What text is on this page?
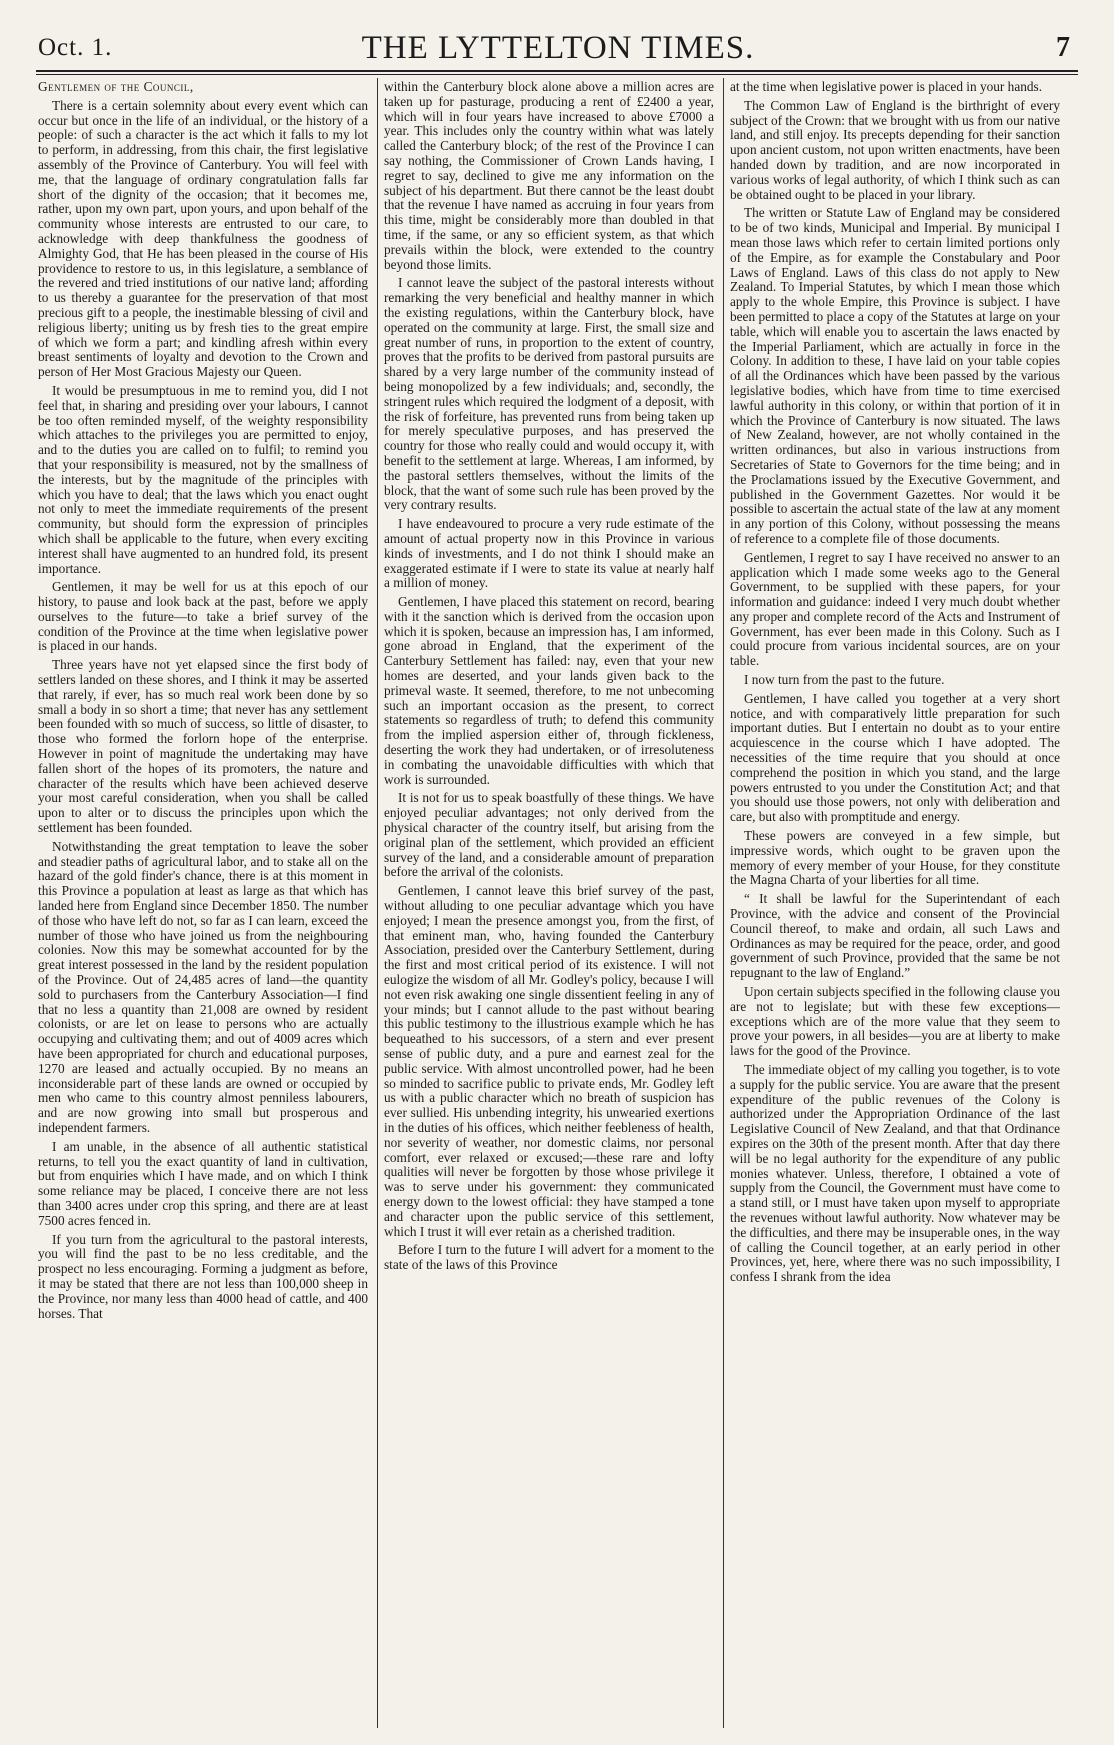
Oct. 1.	THE LYTTELTON TIMES.	7

Gentlemen of the Council,

There is a certain solemnity about every event which can occur but once in the life of an individual, or the history of a people: of such a character is the act which it falls to my lot to perform, in addressing, from this chair, the first legislative assembly of the Province of Canterbury. You will feel with me, that the language of ordinary congratulation falls far short of the dignity of the occasion; that it becomes me, rather, upon my own part, upon yours, and upon behalf of the community whose interests are entrusted to our care, to acknowledge with deep thankfulness the goodness of Almighty God, that He has been pleased in the course of His providence to restore to us, in this legislature, a semblance of the revered and tried institutions of our native land; affording to us thereby a guarantee for the preservation of that most precious gift to a people, the inestimable blessing of civil and religious liberty; uniting us by fresh ties to the great empire of which we form a part; and kindling afresh within every breast sentiments of loyalty and devotion to the Crown and person of Her Most Gracious Majesty our Queen.

It would be presumptuous in me to remind you, did I not feel that, in sharing and presiding over your labours, I cannot be too often reminded myself, of the weighty responsibility which attaches to the privileges you are permitted to enjoy, and to the duties you are called on to fulfil; to remind you that your responsibility is measured, not by the smallness of the interests, but by the magnitude of the principles with which you have to deal; that the laws which you enact ought not only to meet the immediate requirements of the present community, but should form the expression of principles which shall be applicable to the future, when every exciting interest shall have augmented to an hundred fold, its present importance.

Gentlemen, it may be well for us at this epoch of our history, to pause and look back at the past, before we apply ourselves to the future—to take a brief survey of the condition of the Province at the time when legislative power is placed in our hands.

Three years have not yet elapsed since the first body of settlers landed on these shores, and I think it may be asserted that rarely, if ever, has so much real work been done by so small a body in so short a time; that never has any settlement been founded with so much of success, so little of disaster, to those who formed the forlorn hope of the enterprise. However in point of magnitude the undertaking may have fallen short of the hopes of its promoters, the nature and character of the results which have been achieved deserve your most careful consideration, when you shall be called upon to alter or to discuss the principles upon which the settlement has been founded.

Notwithstanding the great temptation to leave the sober and steadier paths of agricultural labor, and to stake all on the hazard of the gold finder's chance, there is at this moment in this Province a population at least as large as that which has landed here from England since December 1850. The number of those who have left do not, so far as I can learn, exceed the number of those who have joined us from the neighbouring colonies. Now this may be somewhat accounted for by the great interest possessed in the land by the resident population of the Province. Out of 24,485 acres of land—the quantity sold to purchasers from the Canterbury Association—I find that no less a quantity than 21,008 are owned by resident colonists, or are let on lease to persons who are actually occupying and cultivating them; and out of 4009 acres which have been appropriated for church and educational purposes, 1270 are leased and actually occupied. By no means an inconsiderable part of these lands are owned or occupied by men who came to this country almost penniless labourers, and are now growing into small but prosperous and independent farmers.

I am unable, in the absence of all authentic statistical returns, to tell you the exact quantity of land in cultivation, but from enquiries which I have made, and on which I think some reliance may be placed, I conceive there are not less than 3400 acres under crop this spring, and there are at least 7500 acres fenced in.

If you turn from the agricultural to the pastoral interests, you will find the past to be no less creditable, and the prospect no less encouraging. Forming a judgment as before, it may be stated that there are not less than 100,000 sheep in the Province, nor many less than 4000 head of cattle, and 400 horses. That

within the Canterbury block alone above a million acres are taken up for pasturage, producing a rent of £2400 a year, which will in four years have increased to above £7000 a year. This includes only the country within what was lately called the Canterbury block; of the rest of the Province I can say nothing, the Commissioner of Crown Lands having, I regret to say, declined to give me any information on the subject of his department. But there cannot be the least doubt that the revenue I have named as accruing in four years from this time, might be considerably more than doubled in that time, if the same, or any so efficient system, as that which prevails within the block, were extended to the country beyond those limits.

I cannot leave the subject of the pastoral interests without remarking the very beneficial and healthy manner in which the existing regulations, within the Canterbury block, have operated on the community at large. First, the small size and great number of runs, in proportion to the extent of country, proves that the profits to be derived from pastoral pursuits are shared by a very large number of the community instead of being monopolized by a few individuals; and, secondly, the stringent rules which required the lodgment of a deposit, with the risk of forfeiture, has prevented runs from being taken up for merely speculative purposes, and has preserved the country for those who really could and would occupy it, with benefit to the settlement at large. Whereas, I am informed, by the pastoral settlers themselves, without the limits of the block, that the want of some such rule has been proved by the very contrary results.

I have endeavoured to procure a very rude estimate of the amount of actual property now in this Province in various kinds of investments, and I do not think I should make an exaggerated estimate if I were to state its value at nearly half a million of money.

Gentlemen, I have placed this statement on record, bearing with it the sanction which is derived from the occasion upon which it is spoken, because an impression has, I am informed, gone abroad in England, that the experiment of the Canterbury Settlement has failed: nay, even that your new homes are deserted, and your lands given back to the primeval waste. It seemed, therefore, to me not unbecoming such an important occasion as the present, to correct statements so regardless of truth; to defend this community from the implied aspersion either of, through fickleness, deserting the work they had undertaken, or of irresoluteness in combating the unavoidable difficulties with which that work is surrounded.

It is not for us to speak boastfully of these things. We have enjoyed peculiar advantages; not only derived from the physical character of the country itself, but arising from the original plan of the settlement, which provided an efficient survey of the land, and a considerable amount of preparation before the arrival of the colonists.

Gentlemen, I cannot leave this brief survey of the past, without alluding to one peculiar advantage which you have enjoyed; I mean the presence amongst you, from the first, of that eminent man, who, having founded the Canterbury Association, presided over the Canterbury Settlement, during the first and most critical period of its existence. I will not eulogize the wisdom of all Mr. Godley's policy, because I will not even risk awaking one single dissentient feeling in any of your minds; but I cannot allude to the past without bearing this public testimony to the illustrious example which he has bequeathed to his successors, of a stern and ever present sense of public duty, and a pure and earnest zeal for the public service. With almost uncontrolled power, had he been so minded to sacrifice public to private ends, Mr. Godley left us with a public character which no breath of suspicion has ever sullied. His unbending integrity, his unwearied exertions in the duties of his offices, which neither feebleness of health, nor severity of weather, nor domestic claims, nor personal comfort, ever relaxed or excused;—these rare and lofty qualities will never be forgotten by those whose privilege it was to serve under his government: they communicated energy down to the lowest official: they have stamped a tone and character upon the public service of this settlement, which I trust it will ever retain as a cherished tradition.

Before I turn to the future I will advert for a moment to the state of the laws of this Province

at the time when legislative power is placed in your hands.

The Common Law of England is the birthright of every subject of the Crown: that we brought with us from our native land, and still enjoy. Its precepts depending for their sanction upon ancient custom, not upon written enactments, have been handed down by tradition, and are now incorporated in various works of legal authority, of which I think such as can be obtained ought to be placed in your library.

The written or Statute Law of England may be considered to be of two kinds, Municipal and Imperial. By municipal I mean those laws which refer to certain limited portions only of the Empire, as for example the Constabulary and Poor Laws of England. Laws of this class do not apply to New Zealand. To Imperial Statutes, by which I mean those which apply to the whole Empire, this Province is subject. I have been permitted to place a copy of the Statutes at large on your table, which will enable you to ascertain the laws enacted by the Imperial Parliament, which are actually in force in the Colony. In addition to these, I have laid on your table copies of all the Ordinances which have been passed by the various legislative bodies, which have from time to time exercised lawful authority in this colony, or within that portion of it in which the Province of Canterbury is now situated. The laws of New Zealand, however, are not wholly contained in the written ordinances, but also in various instructions from Secretaries of State to Governors for the time being; and in the Proclamations issued by the Executive Government, and published in the Government Gazettes. Nor would it be possible to ascertain the actual state of the law at any moment in any portion of this Colony, without possessing the means of reference to a complete file of those documents.

Gentlemen, I regret to say I have received no answer to an application which I made some weeks ago to the General Government, to be supplied with these papers, for your information and guidance: indeed I very much doubt whether any proper and complete record of the Acts and Instrument of Government, has ever been made in this Colony. Such as I could procure from various incidental sources, are on your table.

I now turn from the past to the future.

Gentlemen, I have called you together at a very short notice, and with comparatively little preparation for such important duties. But I entertain no doubt as to your entire acquiescence in the course which I have adopted. The necessities of the time require that you should at once comprehend the position in which you stand, and the large powers entrusted to you under the Constitution Act; and that you should use those powers, not only with deliberation and care, but also with promptitude and energy.

These powers are conveyed in a few simple, but impressive words, which ought to be graven upon the memory of every member of your House, for they constitute the Magna Charta of your liberties for all time.

“ It shall be lawful for the Superintendant of each Province, with the advice and consent of the Provincial Council thereof, to make and ordain, all such Laws and Ordinances as may be required for the peace, order, and good government of such Province, provided that the same be not repugnant to the law of England.”

Upon certain subjects specified in the following clause you are not to legislate; but with these few exceptions—exceptions which are of the more value that they seem to prove your powers, in all besides—you are at liberty to make laws for the good of the Province.

The immediate object of my calling you together, is to vote a supply for the public service. You are aware that the present expenditure of the public revenues of the Colony is authorized under the Appropriation Ordinance of the last Legislative Council of New Zealand, and that that Ordinance expires on the 30th of the present month. After that day there will be no legal authority for the expenditure of any public monies whatever. Unless, therefore, I obtained a vote of supply from the Council, the Government must have come to a stand still, or I must have taken upon myself to appropriate the revenues without lawful authority. Now whatever may be the difficulties, and there may be insuperable ones, in the way of calling the Council together, at an early period in other Provinces, yet, here, where there was no such impossibility, I confess I shrank from the idea
